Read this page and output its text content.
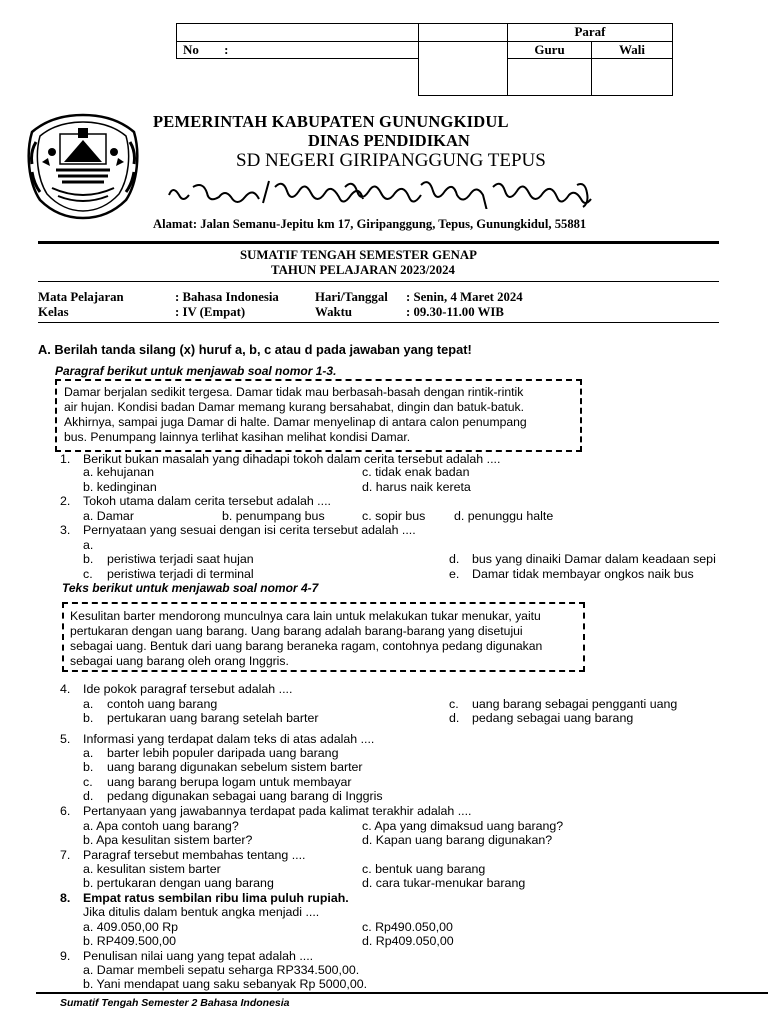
		Paraf	
No :		Guru	Wali

PEMERINTAH KABUPATEN GUNUNGKIDUL
DINAS PENDIDIKAN
SD NEGERI GIRIPANGGUNG TEPUS
Alamat: Jalan Semanu-Jepitu km 17, Giripanggung, Tepus, Gunungkidul, 55881
SUMATIF TENGAH SEMESTER GENAP
TAHUN PELAJARAN 2023/2024
Mata Pelajaran	: Bahasa Indonesia	Hari/Tanggal : Senin, 4 Maret 2024
Kelas	: IV (Empat)	Waktu	: 09.30-11.00 WIB
A. Berilah tanda silang (x) huruf a, b, c atau d pada jawaban yang tepat!
Paragraf berikut untuk menjawab soal nomor 1-3.
Damar berjalan sedikit tergesa. Damar tidak mau berbasah-basah dengan rintik-rintik
air hujan. Kondisi badan Damar memang kurang bersahabat, dingin dan batuk-batuk.
Akhirnya, sampai juga Damar di halte. Damar menyelinap di antara calon penumpang
bus. Penumpang lainnya terlihat kasihan melihat kondisi Damar.
1. Berikut bukan masalah yang dihadapi tokoh dalam cerita tersebut adalah ....
a. kehujanan	c. tidak enak badan
b. kedinginan	d. harus naik kereta
2. Tokoh utama dalam cerita tersebut adalah ....
a. Damar	b. penumpang bus	c. sopir bus d. penunggu halte
3. Pernyataan yang sesuai dengan isi cerita tersebut adalah ....
a.
b. peristiwa terjadi saat hujan	d. bus yang dinaiki Damar dalam keadaan sepi
c. peristiwa terjadi di terminal	e. Damar tidak membayar ongkos naik bus
Teks berikut untuk menjawab soal nomor 4-7
Kesulitan barter mendorong munculnya cara lain untuk melakukan tukar menukar, yaitu
pertukaran dengan uang barang. Uang barang adalah barang-barang yang disetujui
sebagai uang. Bentuk dari uang barang beraneka ragam, contohnya pedang digunakan
sebagai uang barang oleh orang Inggris.
4. Ide pokok paragraf tersebut adalah ....
a. contoh uang barang	c. uang barang sebagai pengganti uang
b. pertukaran uang barang setelah barter	d. pedang sebagai uang barang
5. Informasi yang terdapat dalam teks di atas adalah ....
a. barter lebih populer daripada uang barang
b. uang barang digunakan sebelum sistem barter
c. uang barang berupa logam untuk membayar
d. pedang digunakan sebagai uang barang di Inggris
6. Pertanyaan yang jawabannya terdapat pada kalimat terakhir adalah ....
a. Apa contoh uang barang?	c. Apa yang dimaksud uang barang?
b. Apa kesulitan sistem barter?	d. Kapan uang barang digunakan?
7. Paragraf tersebut membahas tentang ....
a. kesulitan sistem barter	c. bentuk uang barang
b. pertukaran dengan uang barang	d. cara tukar-menukar barang
8. Empat ratus sembilan ribu lima puluh rupiah.
Jika ditulis dalam bentuk angka menjadi ....
a. 409.050,00 Rp	c. Rp490.050,00
b. RP409.500,00	d. Rp409.050,00
9. Penulisan nilai uang yang tepat adalah ....
a. Damar membeli sepatu seharga RP334.500,00.
b. Yani mendapat uang saku sebanyak Rp 5000,00.
Sumatif Tengah Semester 2 Bahasa Indonesia
